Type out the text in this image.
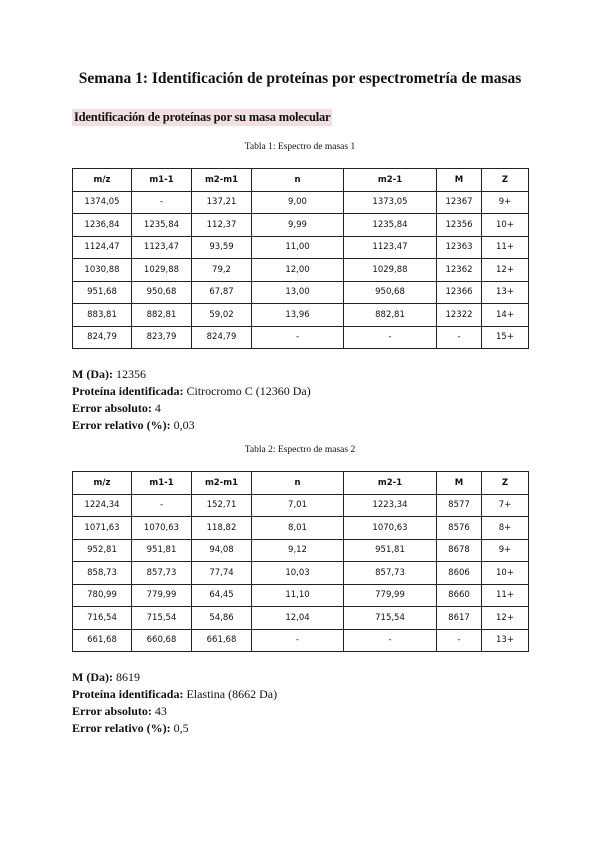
Semana 1: Identificación de proteínas por espectrometría de masas
Identificación de proteínas por su masa molecular
Tabla 1: Espectro de masas 1
m/z	m1-1	m2-m1	n	m2-1	M	Z
1374,05	-	137,21	9,00	1373,05	12367	9+
1236,84	1235,84	112,37	9,99	1235,84	12356	10+
1124,47	1123,47	93,59	11,00	1123,47	12363	11+
1030,88	1029,88	79,2	12,00	1029,88	12362	12+
951,68	950,68	67,87	13,00	950,68	12366	13+
883,81	882,81	59,02	13,96	882,81	12322	14+
824,79	823,79	824,79	-	-	-	15+
M (Da): 12356
Proteína identificada: Citrocromo C (12360 Da)
Error absoluto: 4
Error relativo (%): 0,03
Tabla 2: Espectro de masas 2
m/z	m1-1	m2-m1	n	m2-1	M	Z
1224,34	-	152,71	7,01	1223,34	8577	7+
1071,63	1070,63	118,82	8,01	1070,63	8576	8+
952,81	951,81	94,08	9,12	951,81	8678	9+
858,73	857,73	77,74	10,03	857,73	8606	10+
780,99	779,99	64,45	11,10	779,99	8660	11+
716,54	715,54	54,86	12,04	715,54	8617	12+
661,68	660,68	661,68	-	-	-	13+
M (Da): 8619
Proteína identificada: Elastina (8662 Da)
Error absoluto: 43
Error relativo (%): 0,5
